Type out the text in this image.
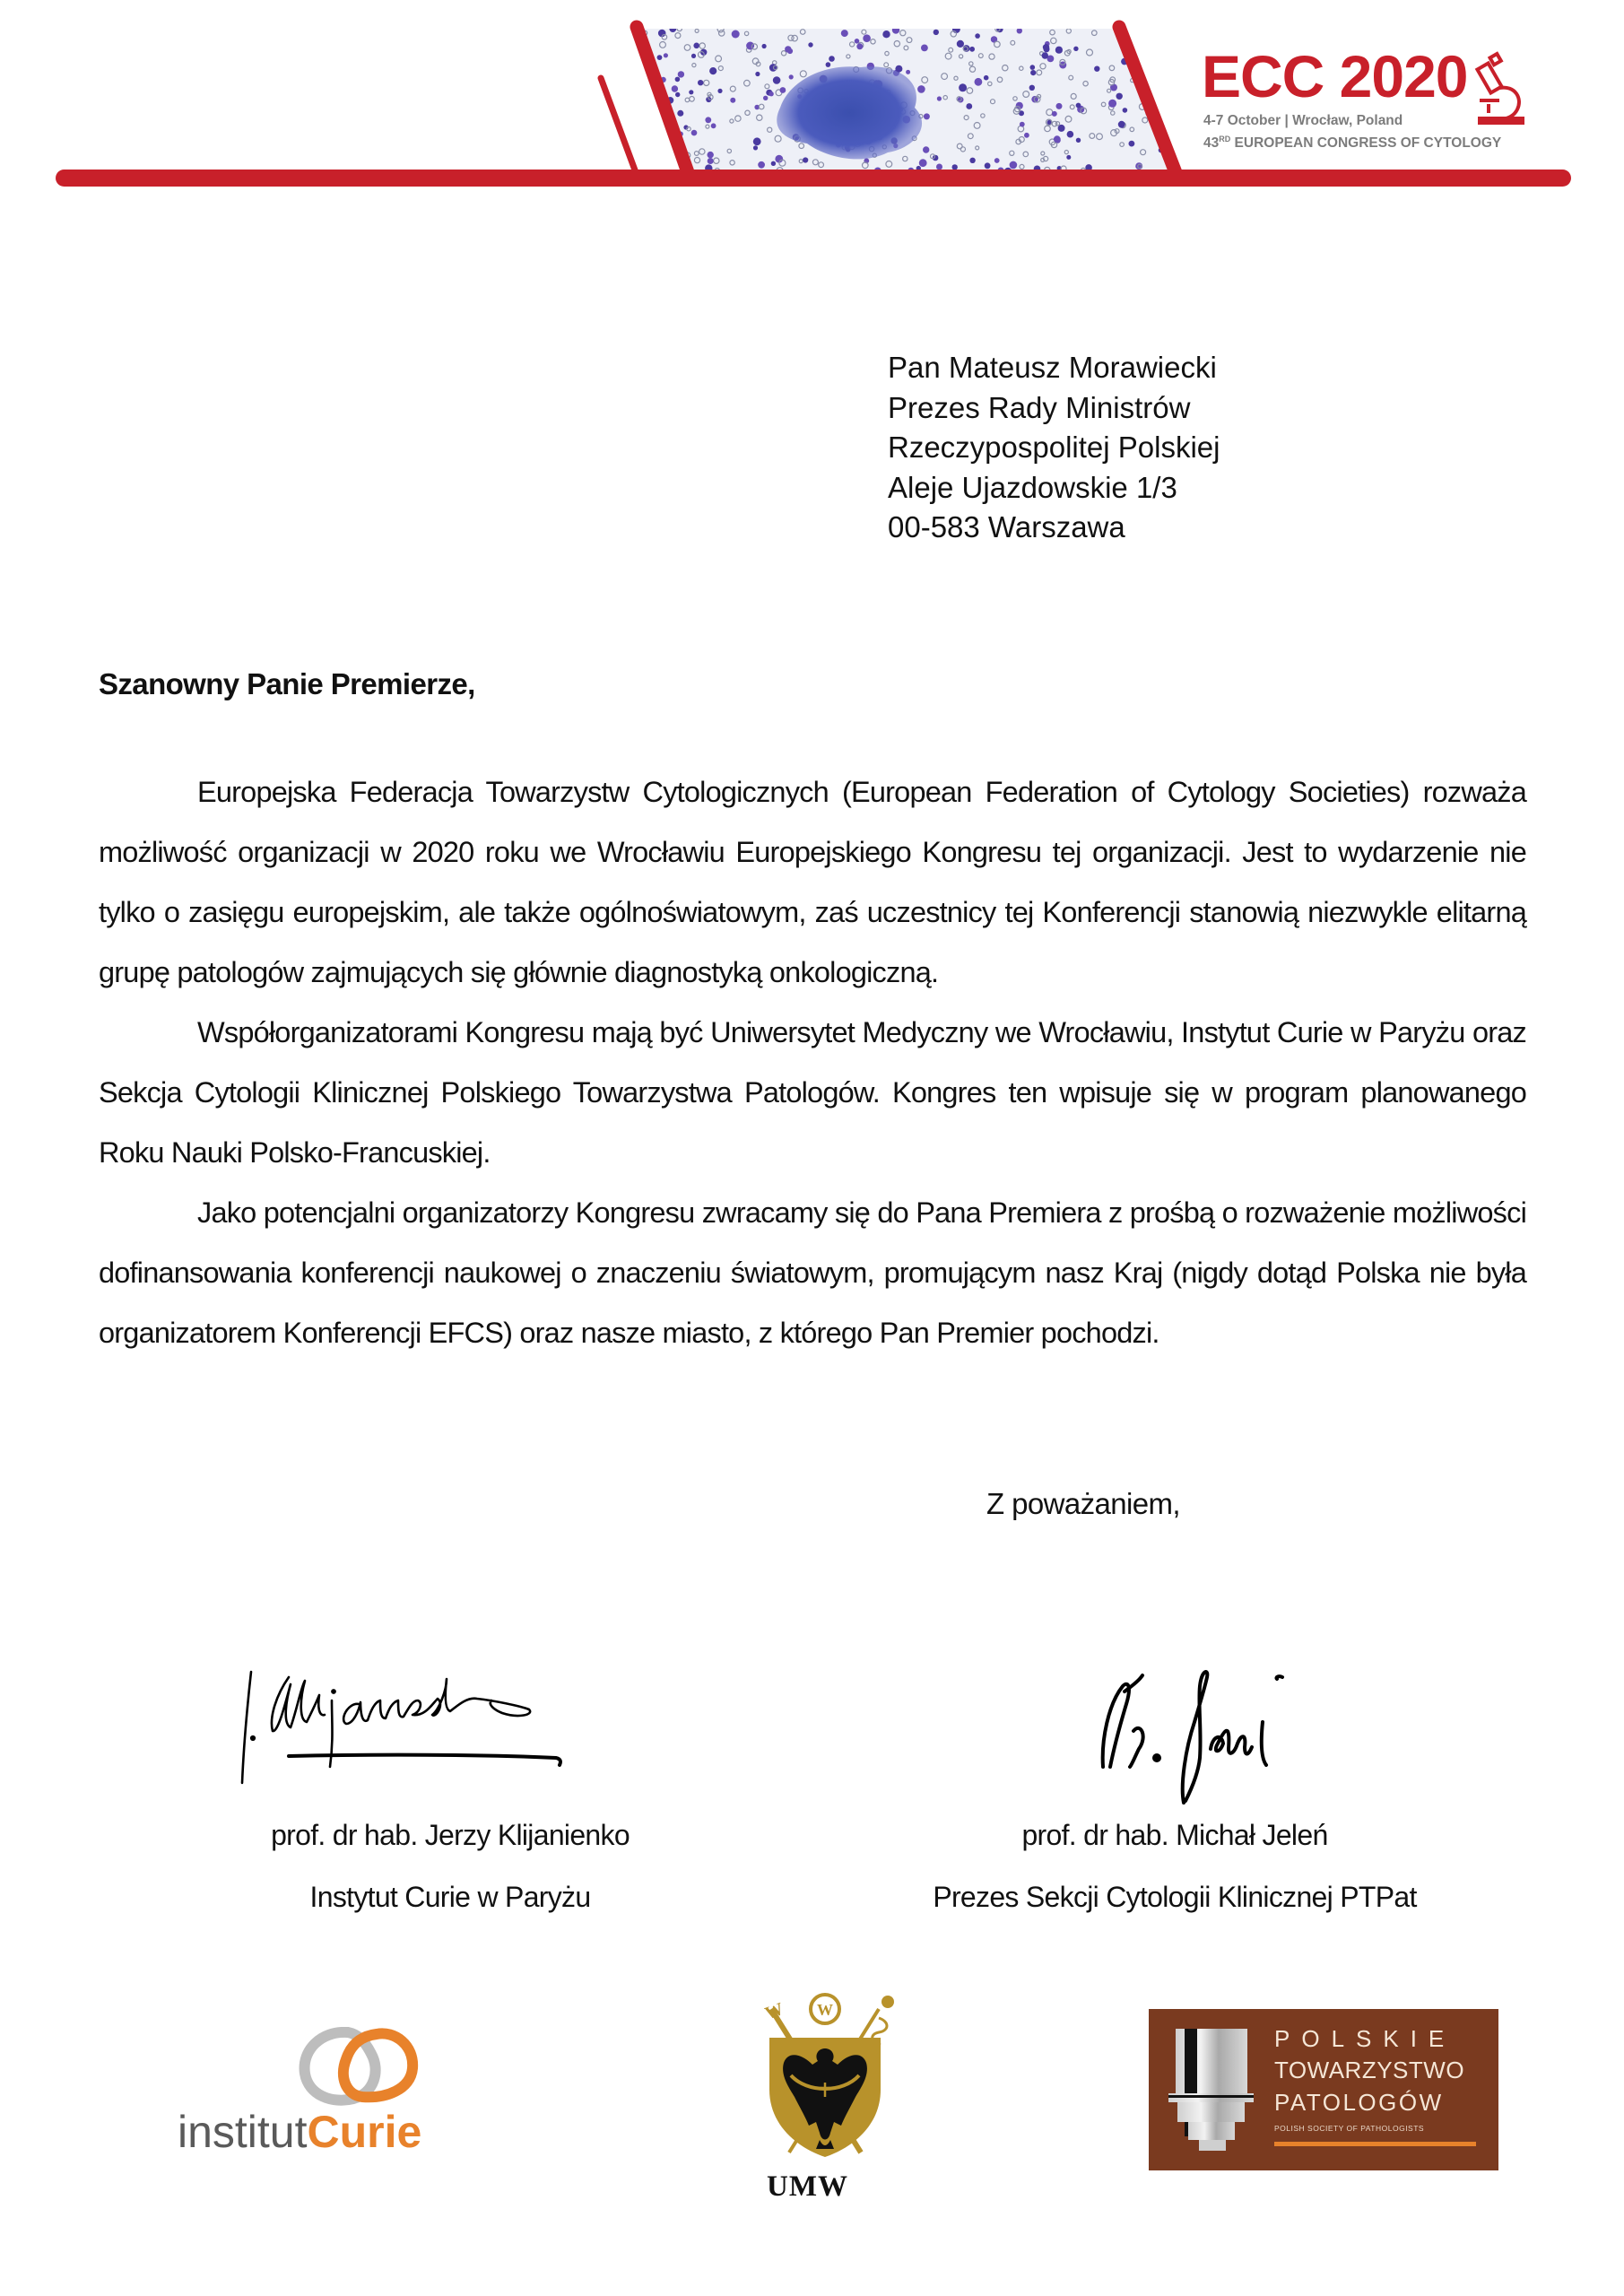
ECC 2020
4-7 October | Wrocław, Poland
43RD EUROPEAN CONGRESS OF CYTOLOGY
Pan Mateusz Morawiecki
Prezes Rady Ministrów
Rzeczypospolitej Polskiej
Aleje Ujazdowskie 1/3
00-583 Warszawa
Szanowny Panie Premierze,

Europejska Federacja Towarzystw Cytologicznych (European Federation of Cytology Societies) rozważa możliwość organizacji w 2020 roku we Wrocławiu Europejskiego Kongresu tej organizacji. Jest to wydarzenie nie tylko o zasięgu europejskim, ale także ogólnoświatowym, zaś uczestnicy tej Konferencji stanowią niezwykle elitarną grupę patologów zajmujących się głównie diagnostyką onkologiczną.

Współorganizatorami Kongresu mają być Uniwersytet Medyczny we Wrocławiu, Instytut Curie w Paryżu oraz Sekcja Cytologii Klinicznej Polskiego Towarzystwa Patologów. Kongres ten wpisuje się w program planowanego Roku Nauki Polsko-Francuskiej.

Jako potencjalni organizatorzy Kongresu zwracamy się do Pana Premiera z prośbą o rozważenie możliwości dofinansowania konferencji naukowej o znaczeniu światowym, promującym nasz Kraj (nigdy dotąd Polska nie była organizatorem Konferencji EFCS) oraz nasze miasto, z którego Pan Premier pochodzi.

Z poważaniem,
prof. dr hab. Jerzy Klijanienko
Instytut Curie w Paryżu
prof. dr hab. Michał Jeleń
Prezes Sekcji Cytologii Klinicznej PTPat
institutCurie
W W
UMW
POLSKIE
TOWARZYSTWO
PATOLOGÓW
POLISH SOCIETY OF PATHOLOGISTS
